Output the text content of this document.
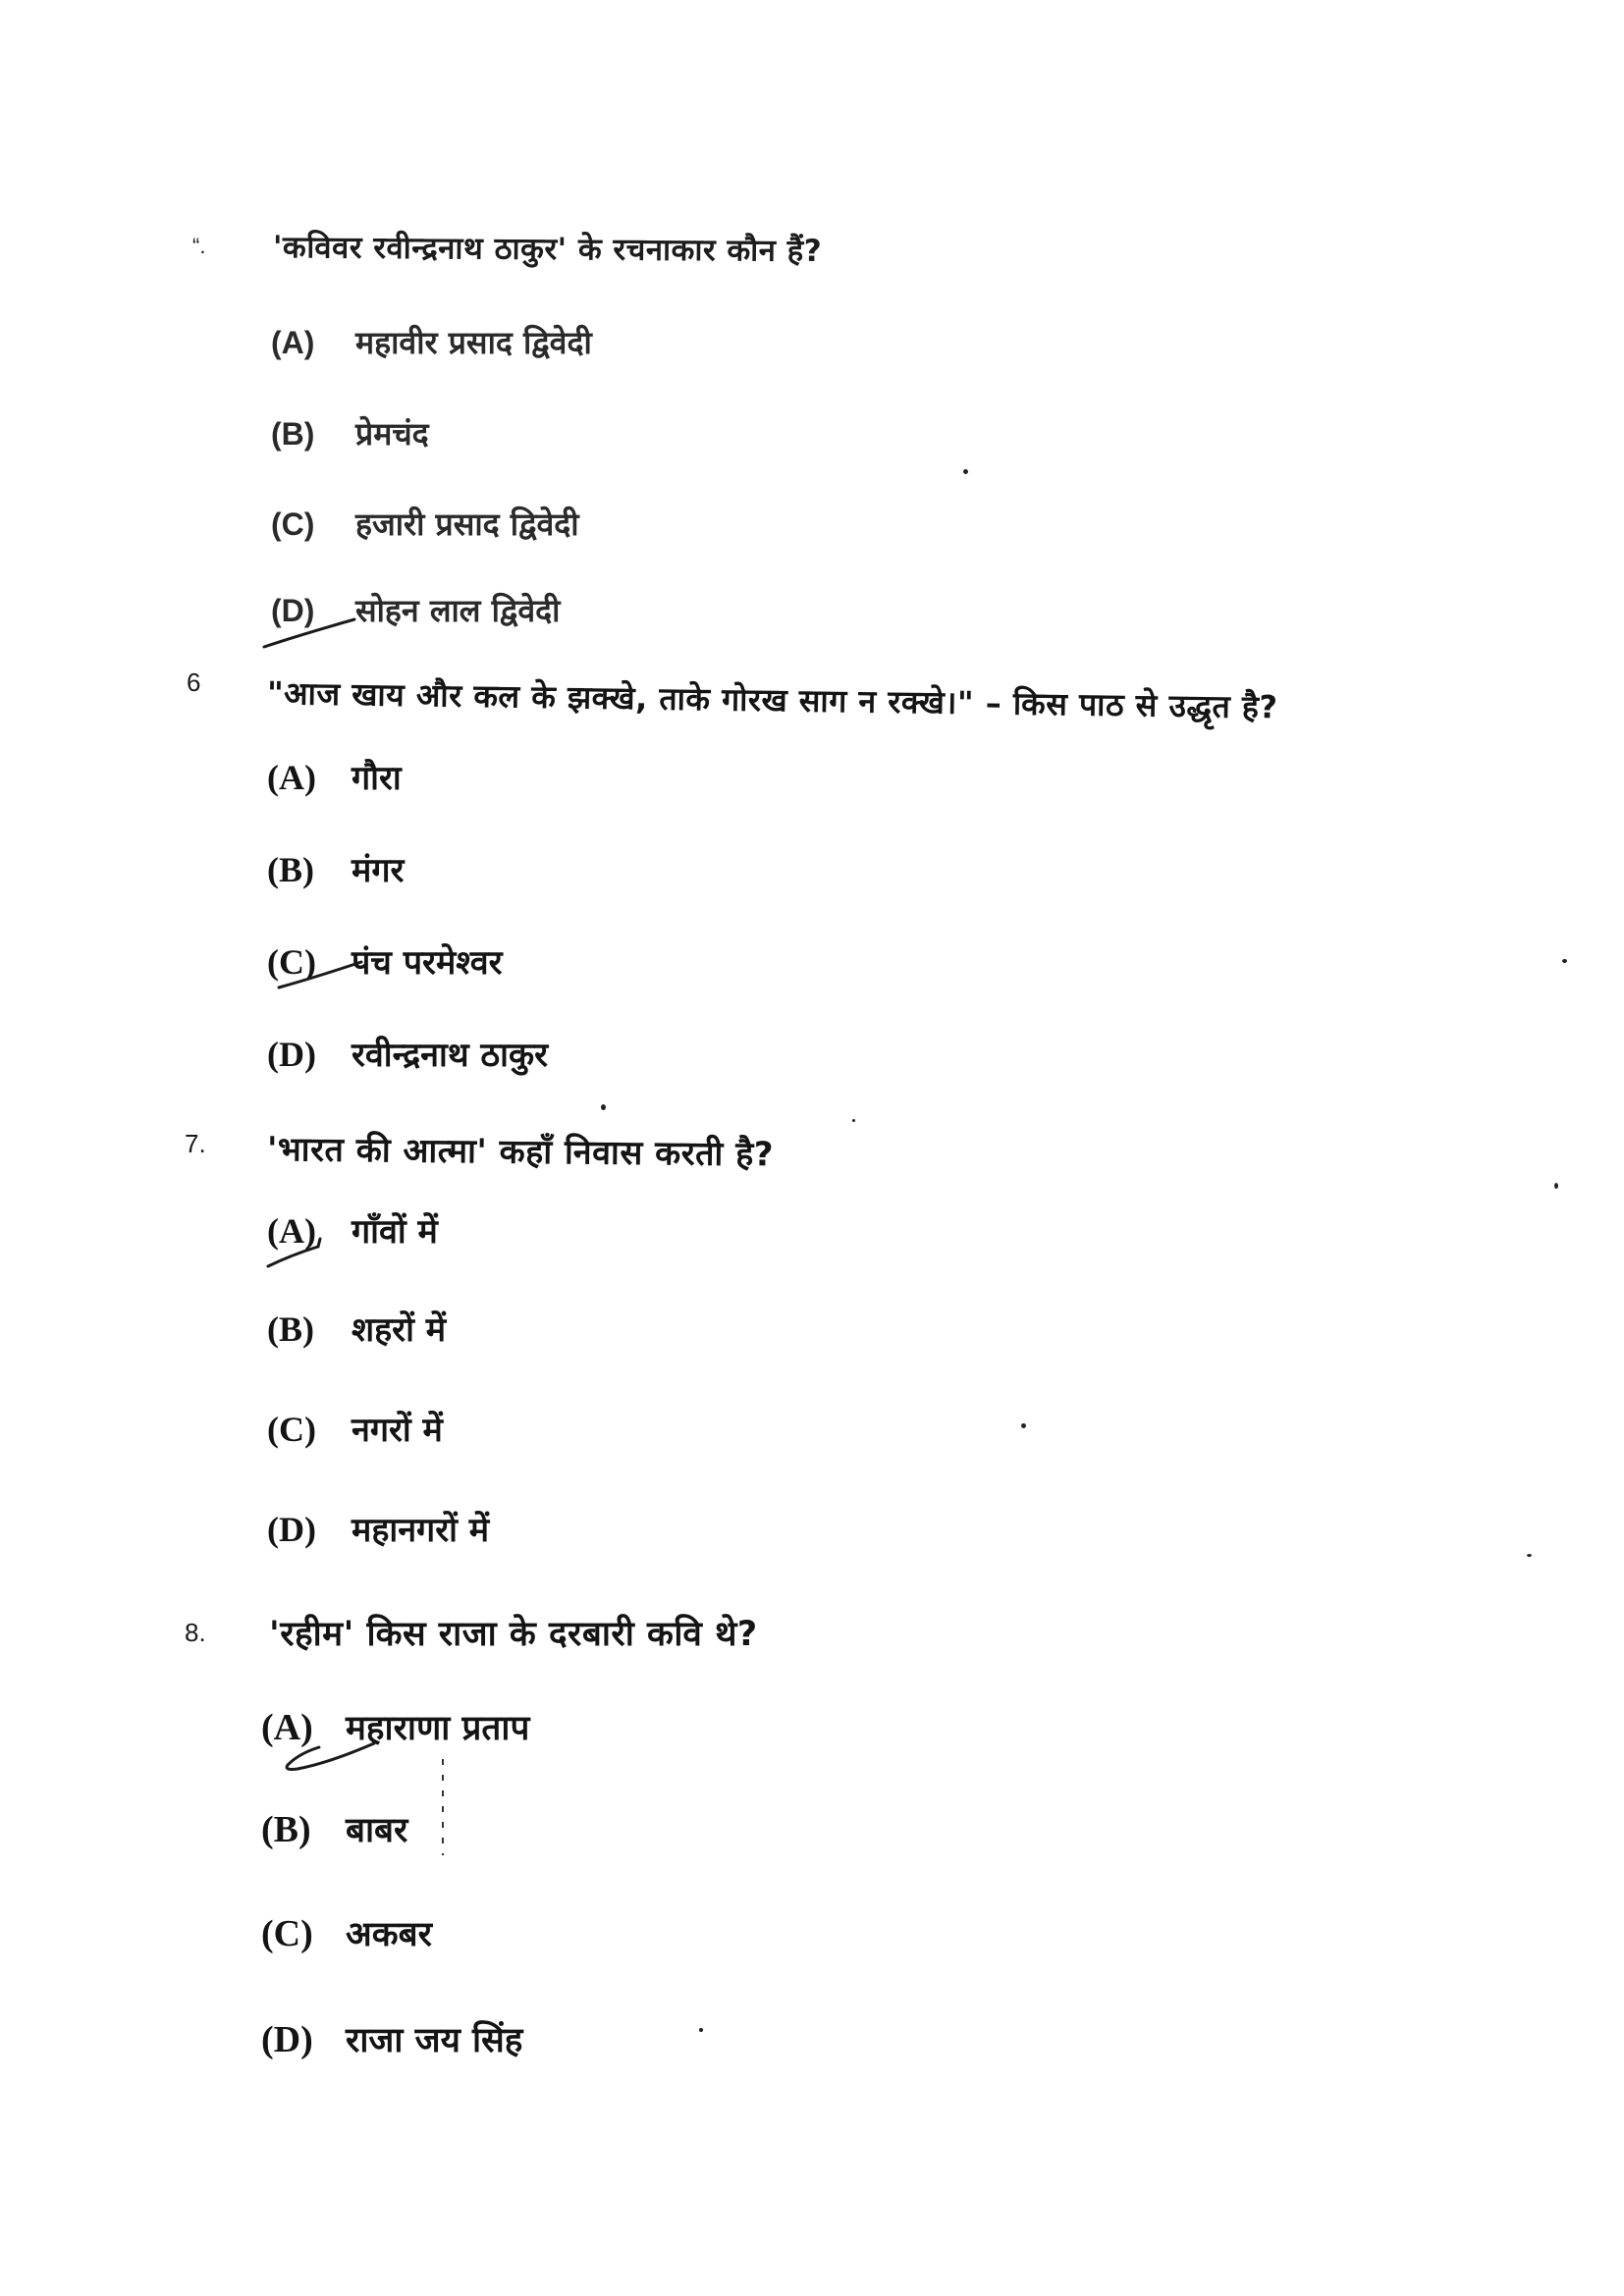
“. 'कविवर रवीन्द्रनाथ ठाकुर' के रचनाकार कौन हैं?
(A) महावीर प्रसाद द्विवेदी
(B) प्रेमचंद
(C) हजारी प्रसाद द्विवेदी
(D) सोहन लाल द्विवेदी
6 "आज खाय और कल के झक्खे, ताके गोरख साग न रक्खे।" – किस पाठ से उद्धृत है?
(A) गौरा
(B) मंगर
(C) पंच परमेश्वर
(D) रवीन्द्रनाथ ठाकुर
7. 'भारत की आत्मा' कहाँ निवास करती है?
(A) गाँवों में
(B) शहरों में
(C) नगरों में
(D) महानगरों में
8. 'रहीम' किस राजा के दरबारी कवि थे?
(A) महाराणा प्रताप
(B) बाबर
(C) अकबर
(D) राजा जय सिंह
